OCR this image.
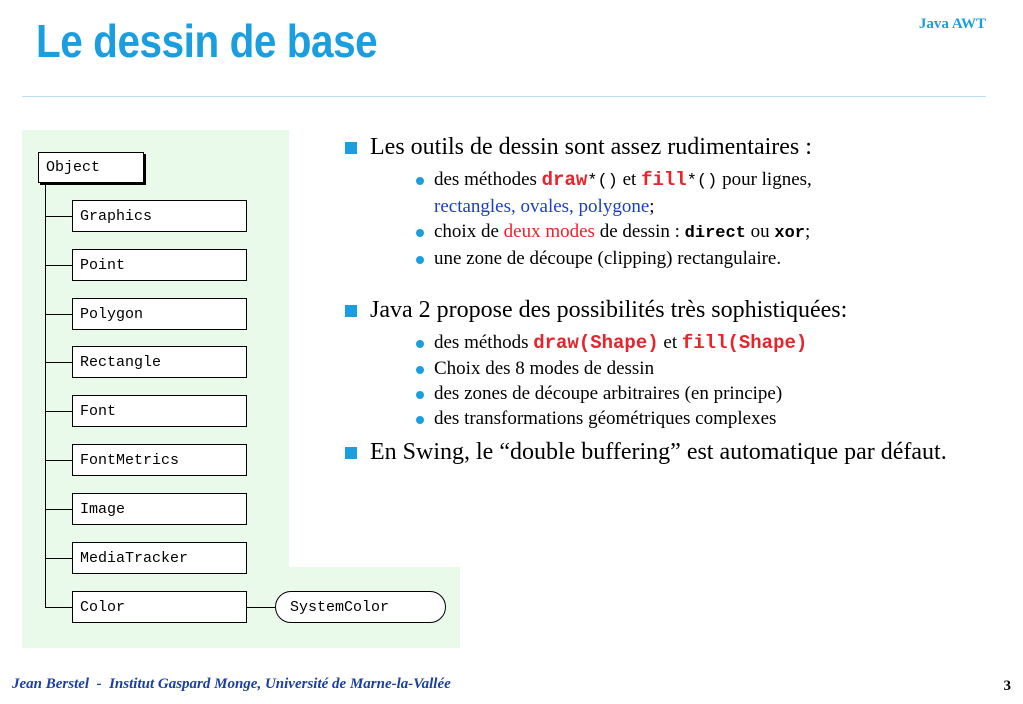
Le dessin de base	Java AWT
Object
Graphics
Point
Polygon
Rectangle
Font
FontMetrics
Image
MediaTracker
Color	SystemColor
Les outils de dessin sont assez rudimentaires :
des méthodes draw*() et fill*() pour lignes,
rectangles, ovales, polygone;
choix de deux modes de dessin : direct ou xor;
une zone de découpe (clipping) rectangulaire.
Java 2 propose des possibilités très sophistiquées:
des méthods draw(Shape) et fill(Shape)
Choix des 8 modes de dessin
des zones de découpe arbitraires (en principe)
des transformations géométriques complexes
En Swing, le “double buffering” est automatique par défaut.
Jean Berstel  -  Institut Gaspard Monge, Université de Marne-la-Vallée	3
